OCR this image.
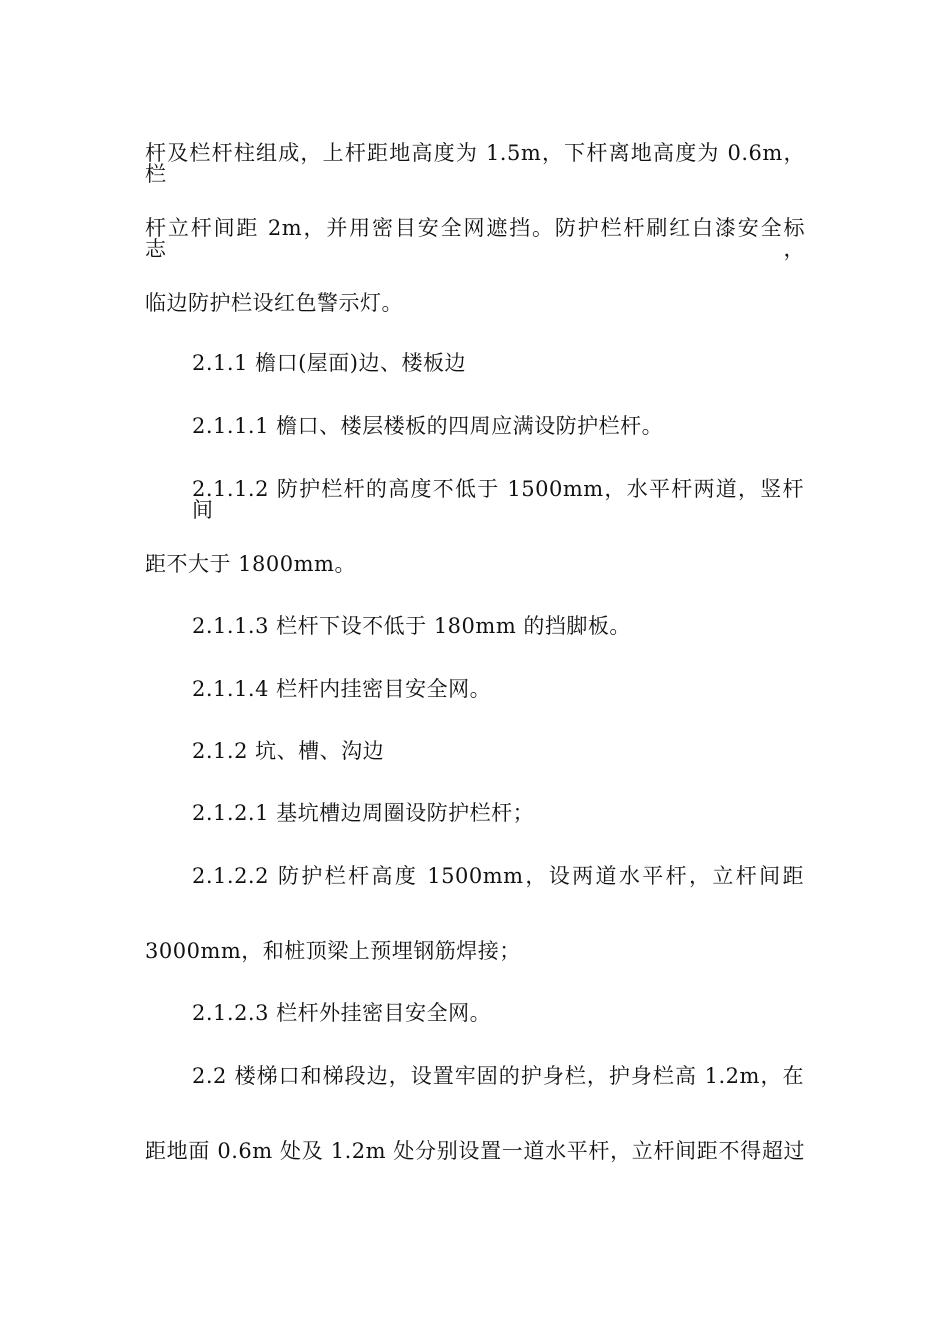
杆及栏杆柱组成，上杆距地高度为 1.5m，下杆离地高度为 0.6m，栏
杆立杆间距 2m，并用密目安全网遮挡。防护栏杆刷红白漆安全标志，
临边防护栏设红色警示灯。
2.1.1 檐口(屋面)边、楼板边
2.1.1.1 檐口、楼层楼板的四周应满设防护栏杆。
2.1.1.2 防护栏杆的高度不低于 1500mm，水平杆两道，竖杆间
距不大于 1800mm。
2.1.1.3 栏杆下设不低于 180mm 的挡脚板。
2.1.1.4 栏杆内挂密目安全网。
2.1.2 坑、槽、沟边
2.1.2.1 基坑槽边周圈设防护栏杆；
2.1.2.2 防护栏杆高度 1500mm，设两道水平杆，立杆间距
3000mm，和桩顶梁上预埋钢筋焊接；
2.1.2.3 栏杆外挂密目安全网。
2.2 楼梯口和梯段边，设置牢固的护身栏，护身栏高 1.2m，在
距地面 0.6m 处及 1.2m 处分别设置一道水平杆，立杆间距不得超过
